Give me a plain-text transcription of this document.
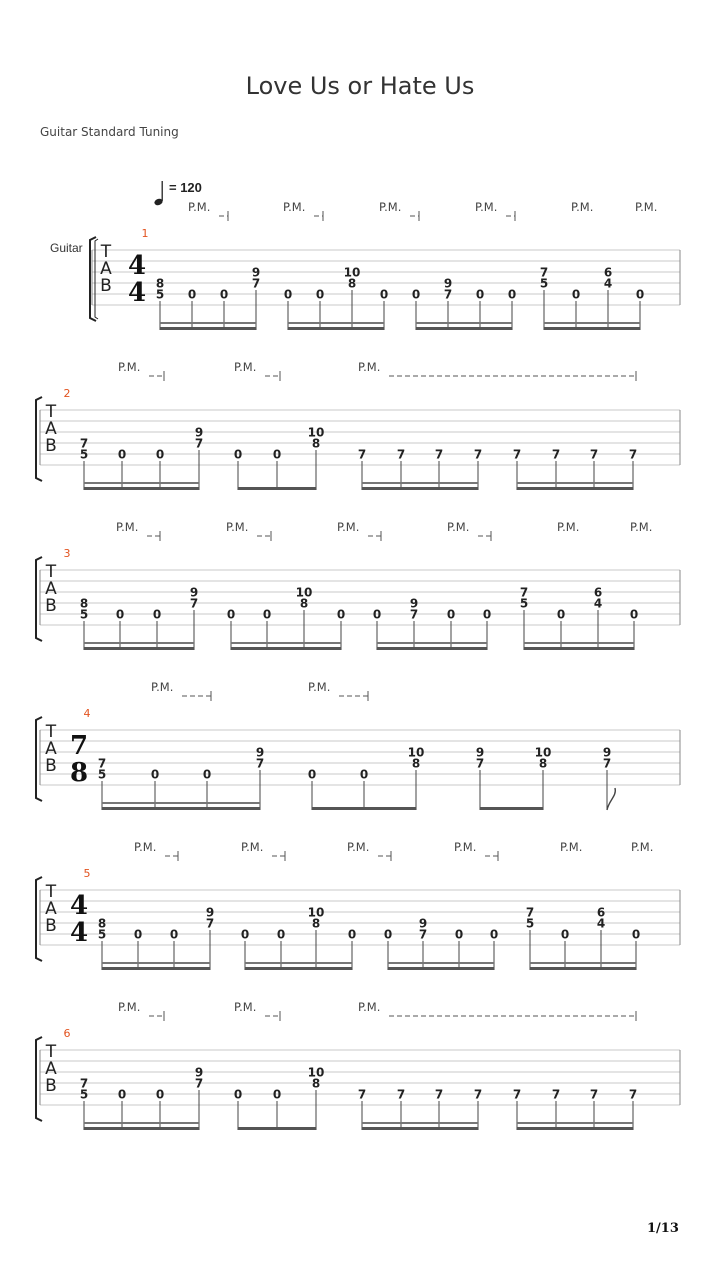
Love Us or Hate Us
Guitar Standard Tuning
= 120
Guitar
1/13
T
A
B
1
4
4
P.M.	P.M.	P.M.	P.M.	P.M.	P.M.
8
5 0 0
9
7
0 0
10
8
0 0
9
7 0 0
7
5
0
6
4
0
T
A
B
2
P.M.	P.M.	P.M.
7
5 0 0
9
7
0	0
10
8
7	7 7	7	7	7 7	7
T
A
B
3
P.M.	P.M.	P.M.	P.M.	P.M.	P.M.
8
5 0 0
9
7
0 0
10
8
0 0
9
7 0 0
7
5
0
6
4
0
T
A
B
4
7
8
P.M.	P.M.
7
5	0	0
9
7
0	0
10
8
9
7
10
8
9
7
T
A
B
5
4
4
P.M.	P.M.	P.M.	P.M.	P.M.	P.M.
8
5 0 0
9
7
0 0
10
8
0 0
9
7 0 0
7
5
0
6
4
0
T
A
B
6
P.M.	P.M.	P.M.
7
5 0 0
9
7
0	0
10
8
7	7 7	7	7	7 7	7
